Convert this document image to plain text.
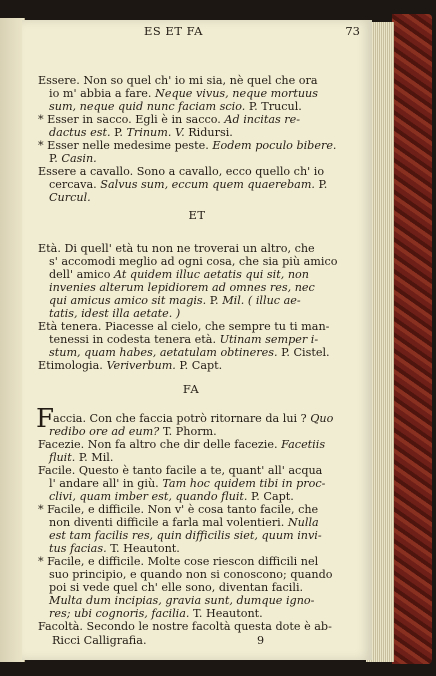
ES ET FA	73
Essere. Non so quel ch' io mi sia, nè quel che ora
io m' abbia a fare. Neque vivus, neque mortuus
sum, neque quid nunc faciam scio. P. Trucul.
* Esser in sacco. Egli è in sacco. Ad incitas re-
dactus est. P. Trinum. V. Ridursi.
* Esser nelle medesime peste. Eodem poculo bibere.
P. Casin.
Essere a cavallo. Sono a cavallo, ecco quello ch' io
cercava. Salvus sum, eccum quem quaerebam. P.
Curcul.
ET
Età. Di quell' età tu non ne troverai un altro, che
s' accomodi meglio ad ogni cosa, che sia più amico
dell' amico At quidem illuc aetatis qui sit, non
invenies alterum lepidiorem ad omnes res, nec
qui amicus amico sit magis. P. Mil. ( illuc ae-
tatis, idest illa aetate. )
Età tenera. Piacesse al cielo, che sempre tu ti man-
tenessi in codesta tenera età. Utinam semper i-
stum, quam habes, aetatulam obtineres. P. Cistel.
Etimologia. Veriverbum. P. Capt.
FA
F
accia. Con che faccia potrò ritornare da lui ? Quo
redibo ore ad eum? T. Phorm.
Facezie. Non fa altro che dir delle facezie. Facetiis
fluit. P. Mil.
Facile. Questo è tanto facile a te, quant' all' acqua
l' andare all' in giù. Tam hoc quidem tibi in proc-
clivi, quam imber est, quando fluit. P. Capt.
* Facile, e difficile. Non v' è cosa tanto facile, che
non diventi difficile a farla mal volentieri. Nulla
est tam facilis res, quin difficilis siet, quum invi-
tus facias. T. Heautont.
* Facile, e difficile. Molte cose riescon difficili nel
suo principio, e quando non si conoscono; quando
poi si vede quel ch' elle sono, diventan facili.
Multa dum incipias, gravia sunt, dumque igno-
res; ubi cognoris, facilia. T. Heautont.
Facoltà. Secondo le nostre facoltà questa dote è ab-
Ricci Calligrafia.	9
